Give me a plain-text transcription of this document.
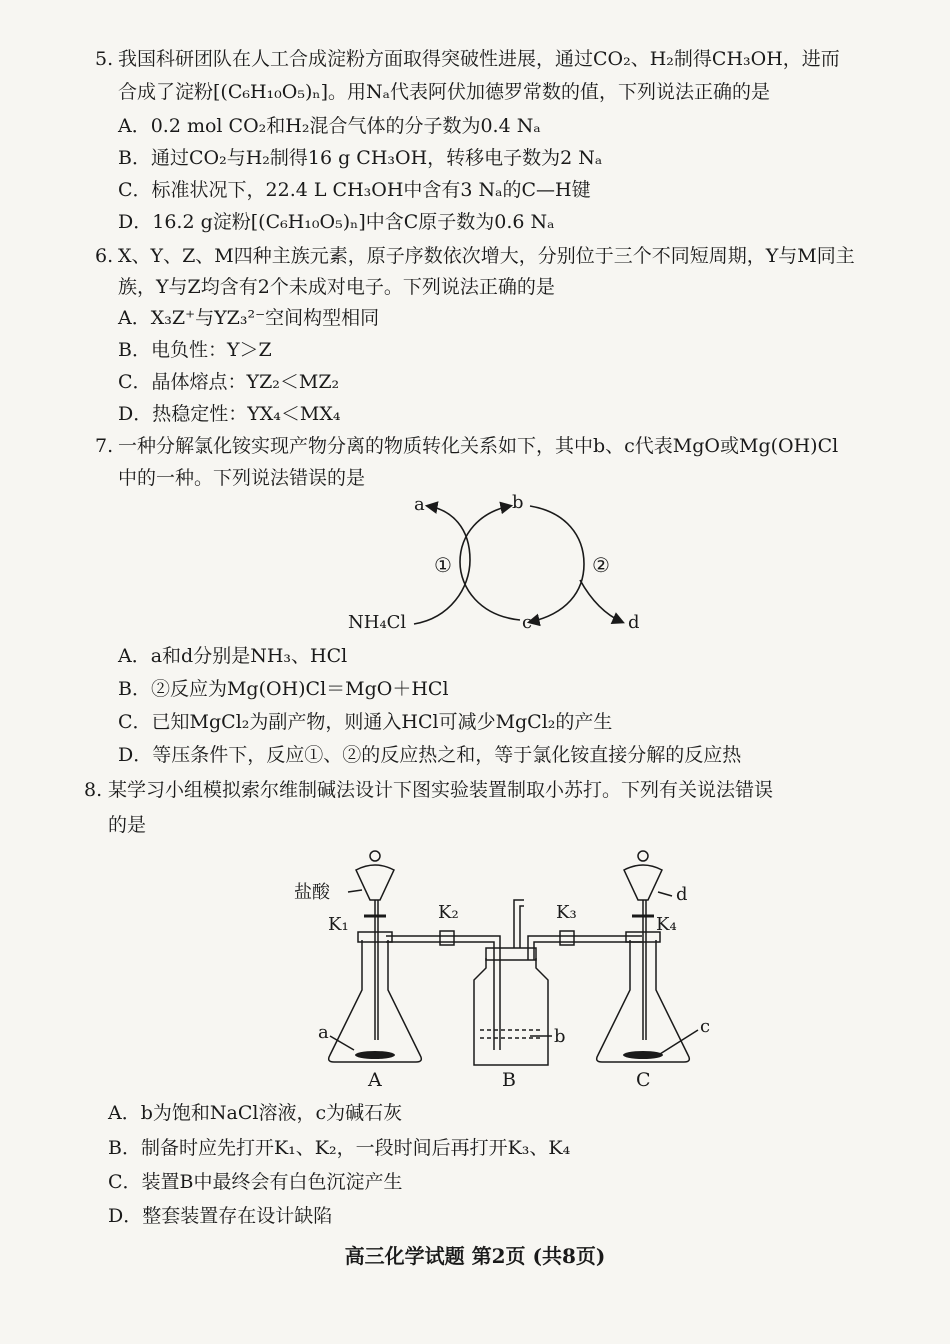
5. 我国科研团队在人工合成淀粉方面取得突破性进展，通过CO₂、H₂制得CH₃OH，进而
合成了淀粉[(C₆H₁₀O₅)ₙ]。用Nₐ代表阿伏加德罗常数的值，下列说法正确的是
A．0.2 mol CO₂和H₂混合气体的分子数为0.4 Nₐ
B．通过CO₂与H₂制得16 g CH₃OH，转移电子数为2 Nₐ
C．标准状况下，22.4 L CH₃OH中含有3 Nₐ的C—H键
D．16.2 g淀粉[(C₆H₁₀O₅)ₙ]中含C原子数为0.6 Nₐ
6. X、Y、Z、M四种主族元素，原子序数依次增大，分别位于三个不同短周期，Y与M同主
族，Y与Z均含有2个未成对电子。下列说法正确的是
A．X₃Z⁺与YZ₃²⁻空间构型相同
B．电负性：Y＞Z
C．晶体熔点：YZ₂＜MZ₂
D．热稳定性：YX₄＜MX₄
7. 一种分解氯化铵实现产物分离的物质转化关系如下，其中b、c代表MgO或Mg(OH)Cl
中的一种。下列说法错误的是
a	b
c	d
NH₄Cl
①	②
A．a和d分别是NH₃、HCl
B．②反应为Mg(OH)Cl＝MgO＋HCl
C．已知MgCl₂为副产物，则通入HCl可减少MgCl₂的产生
D．等压条件下，反应①、②的反应热之和，等于氯化铵直接分解的反应热
8. 某学习小组模拟索尔维制碱法设计下图实验装置制取小苏打。下列有关说法错误
的是
盐酸
K₁
K₂	K₃
K₄
a	b	c
d
A	B	C
A．b为饱和NaCl溶液，c为碱石灰
B．制备时应先打开K₁、K₂，一段时间后再打开K₃、K₄
C．装置B中最终会有白色沉淀产生
D．整套装置存在设计缺陷
高三化学试题 第2页 (共8页)
